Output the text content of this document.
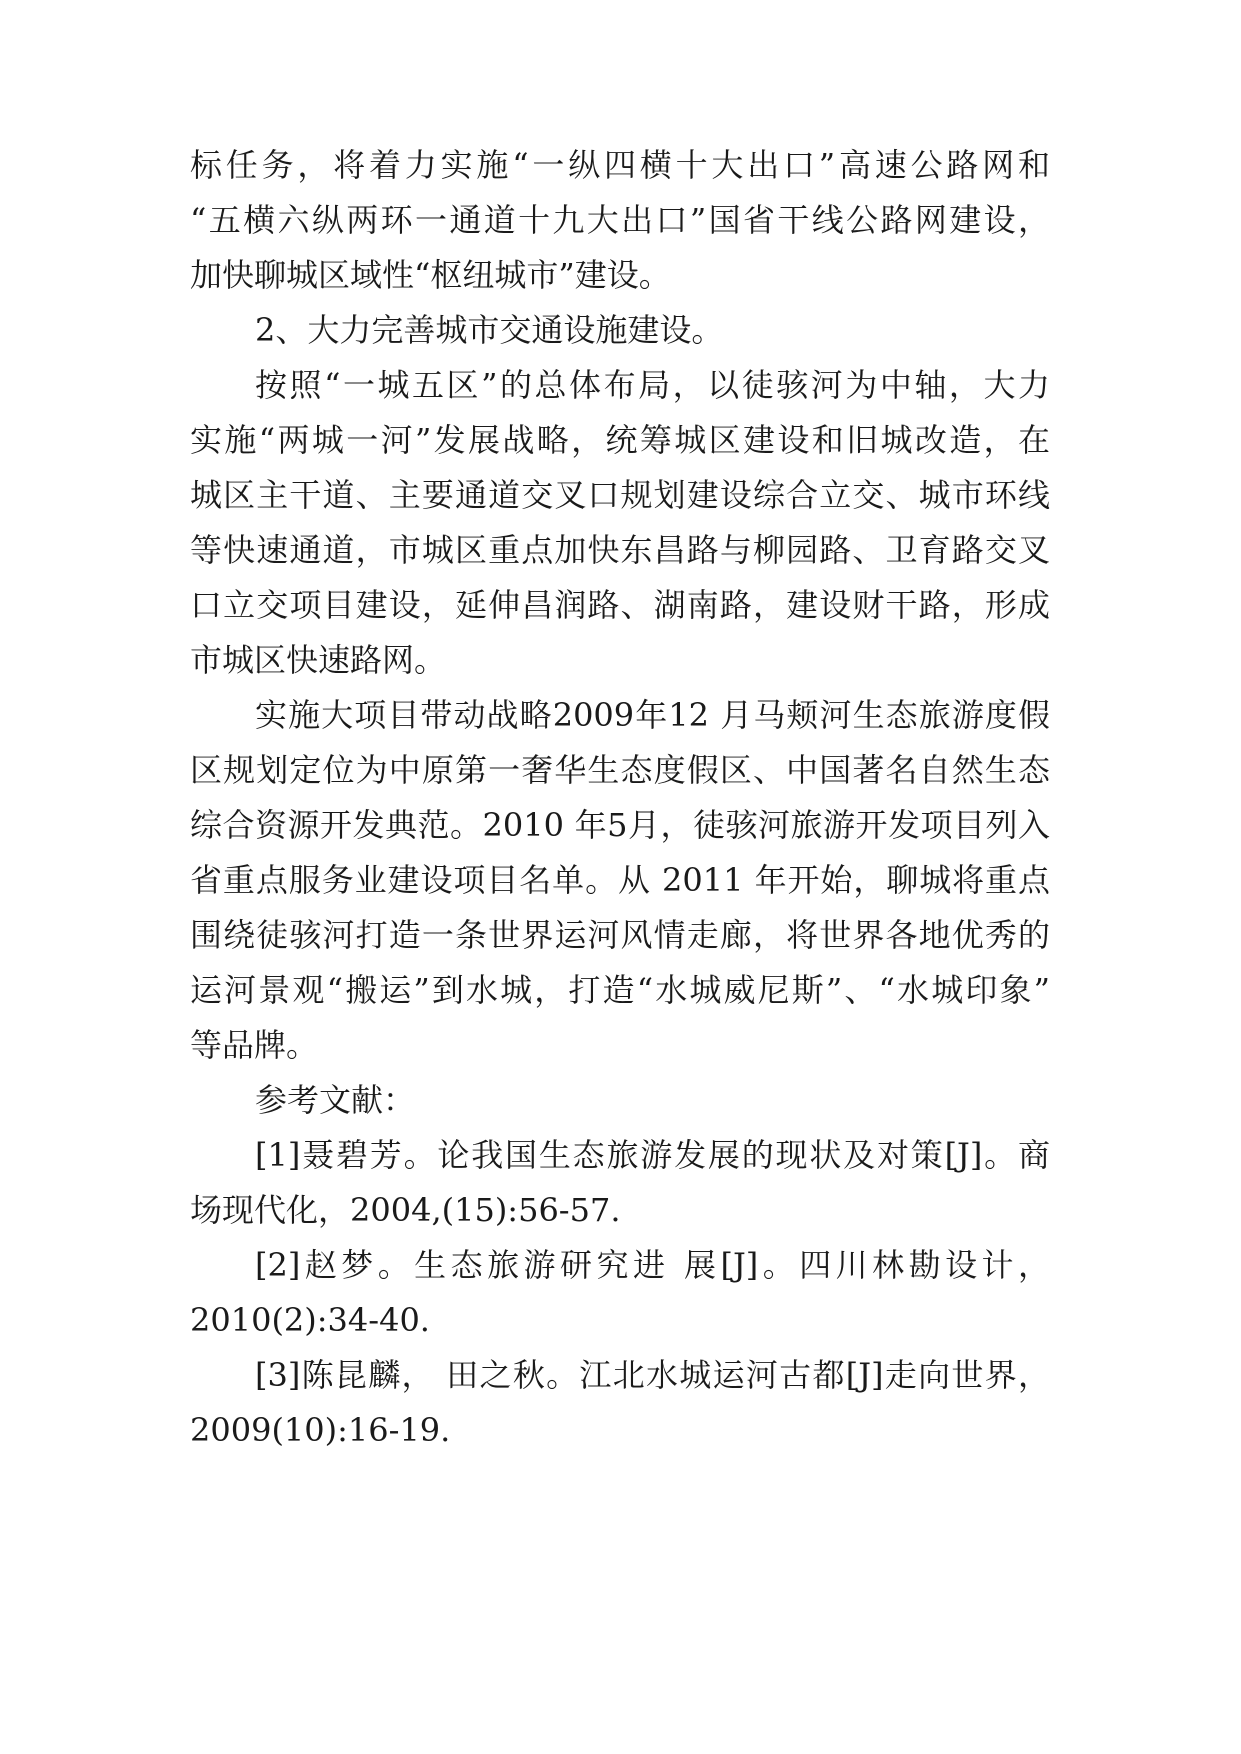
标任务，将着力实施“一纵四横十大出口”高速公路网和
“五横六纵两环一通道十九大出口”国省干线公路网建设，
加快聊城区域性“枢纽城市”建设。
2、大力完善城市交通设施建设。
按照“一城五区”的总体布局，以徒骇河为中轴，大力
实施“两城一河”发展战略，统筹城区建设和旧城改造，在
城区主干道、主要通道交叉口规划建设综合立交、城市环线
等快速通道，市城区重点加快东昌路与柳园路、卫育路交叉
口立交项目建设，延伸昌润路、湖南路，建设财干路，形成
市城区快速路网。
实施大项目带动战略2009年12 月马颊河生态旅游度假
区规划定位为中原第一奢华生态度假区、中国著名自然生态
综合资源开发典范。2010 年5月，徒骇河旅游开发项目列入
省重点服务业建设项目名单。从 2011 年开始，聊城将重点
围绕徒骇河打造一条世界运河风情走廊，将世界各地优秀的
运河景观“搬运”到水城，打造“水城威尼斯”、“水城印象”
等品牌。
参考文献：
[1]聂碧芳。论我国生态旅游发展的现状及对策[J]。商
场现代化，2004,(15):56-57.
[2]赵梦。生态旅游研究进 展[J]。四川林勘设计，
2010(2):34-40.
[3]陈昆麟， 田之秋。江北水城运河古都[J]走向世界，
2009(10):16-19.
